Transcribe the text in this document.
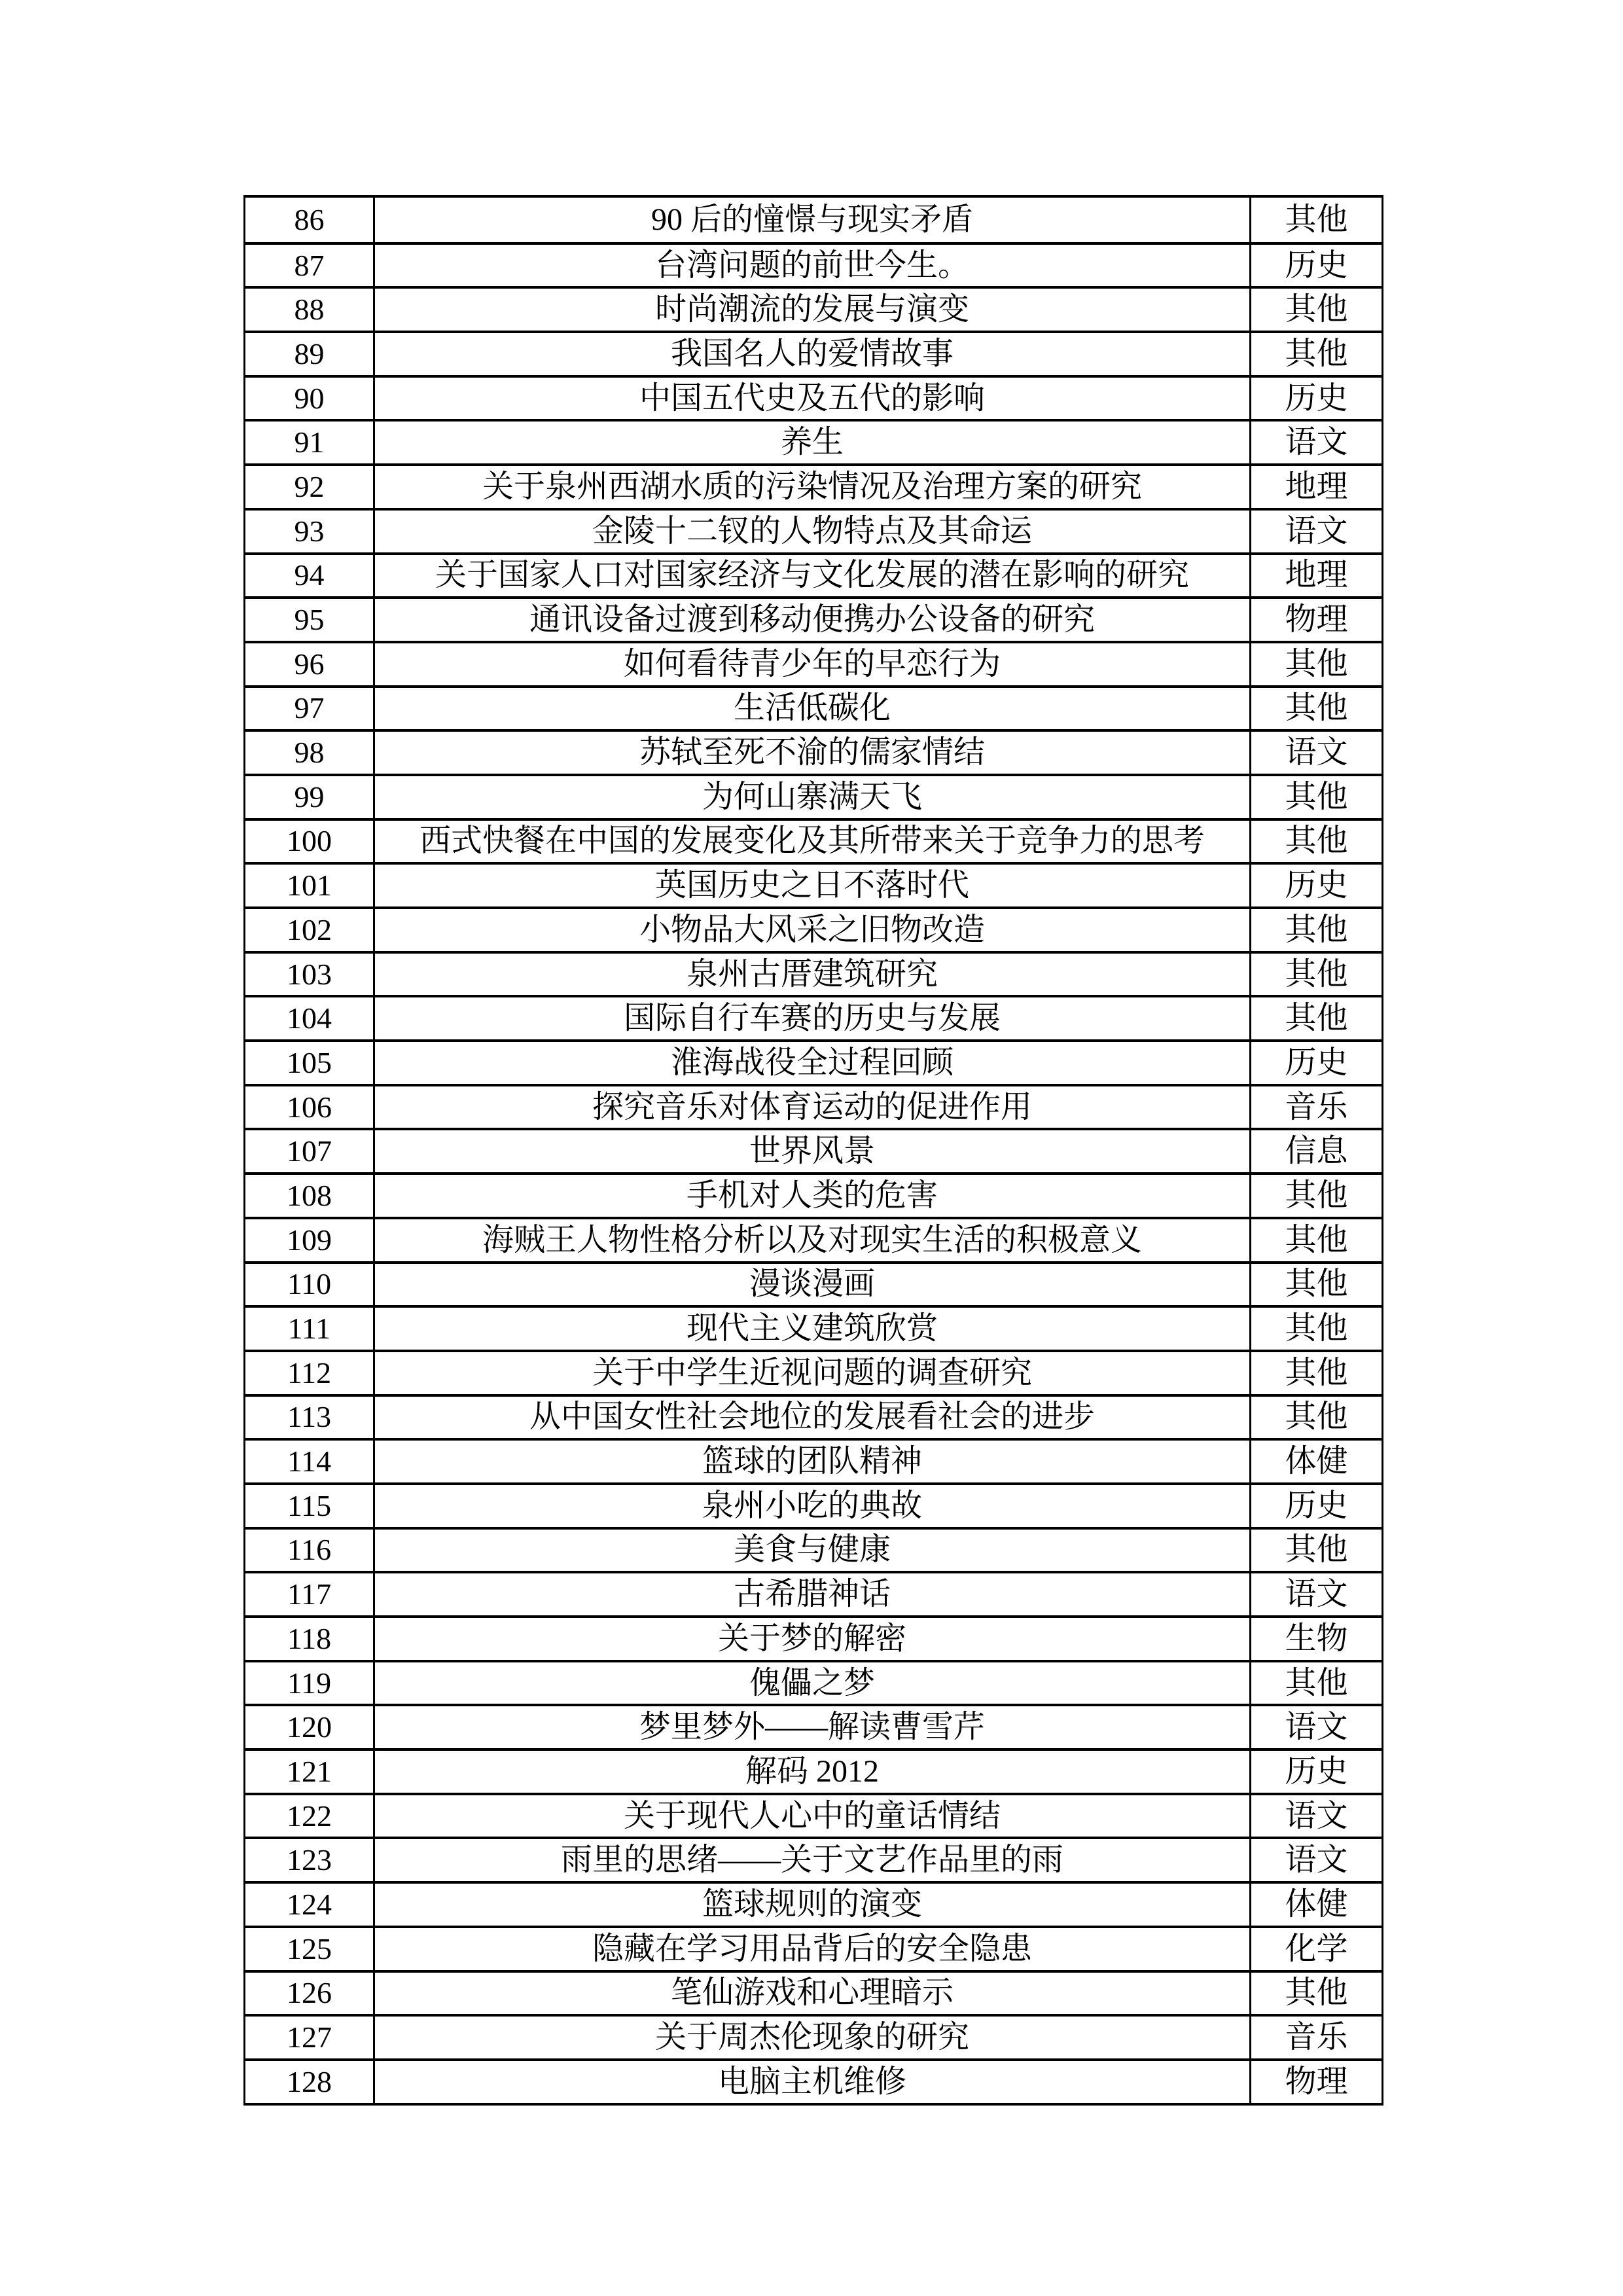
86	90 后的憧憬与现实矛盾	其他
87	台湾问题的前世今生。	历史
88	时尚潮流的发展与演变	其他
89	我国名人的爱情故事	其他
90	中国五代史及五代的影响	历史
91	养生	语文
92	关于泉州西湖水质的污染情况及治理方案的研究	地理
93	金陵十二钗的人物特点及其命运	语文
94	关于国家人口对国家经济与文化发展的潜在影响的研究	地理
95	通讯设备过渡到移动便携办公设备的研究	物理
96	如何看待青少年的早恋行为	其他
97	生活低碳化	其他
98	苏轼至死不渝的儒家情结	语文
99	为何山寨满天飞	其他
100	西式快餐在中国的发展变化及其所带来关于竞争力的思考	其他
101	英国历史之日不落时代	历史
102	小物品大风采之旧物改造	其他
103	泉州古厝建筑研究	其他
104	国际自行车赛的历史与发展	其他
105	淮海战役全过程回顾	历史
106	探究音乐对体育运动的促进作用	音乐
107	世界风景	信息
108	手机对人类的危害	其他
109	海贼王人物性格分析以及对现实生活的积极意义	其他
110	漫谈漫画	其他
111	现代主义建筑欣赏	其他
112	关于中学生近视问题的调查研究	其他
113	从中国女性社会地位的发展看社会的进步	其他
114	篮球的团队精神	体健
115	泉州小吃的典故	历史
116	美食与健康	其他
117	古希腊神话	语文
118	关于梦的解密	生物
119	傀儡之梦	其他
120	梦里梦外——解读曹雪芹	语文
121	解码 2012	历史
122	关于现代人心中的童话情结	语文
123	雨里的思绪——关于文艺作品里的雨	语文
124	篮球规则的演变	体健
125	隐藏在学习用品背后的安全隐患	化学
126	笔仙游戏和心理暗示	其他
127	关于周杰伦现象的研究	音乐
128	电脑主机维修	物理
